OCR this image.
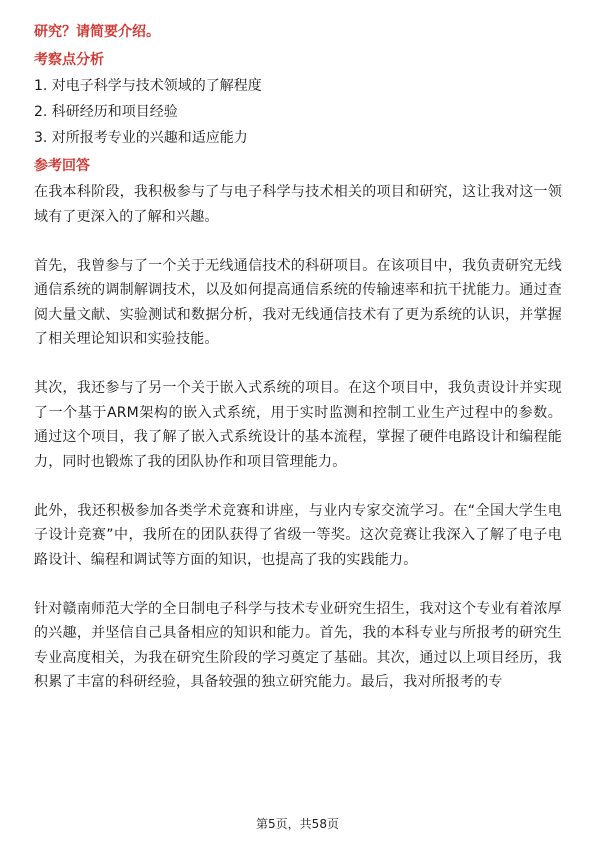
研究？请简要介绍。

考察点分析

1. 对电子科学与技术领域的了解程度

2. 科研经历和项目经验

3. 对所报考专业的兴趣和适应能力

参考回答

在我本科阶段，我积极参与了与电子科学与技术相关的项目和研究，这让我对这一领域有了更深入的了解和兴趣。

首先，我曾参与了一个关于无线通信技术的科研项目。在该项目中，我负责研究无线通信系统的调制解调技术，以及如何提高通信系统的传输速率和抗干扰能力。通过查阅大量文献、实验测试和数据分析，我对无线通信技术有了更为系统的认识，并掌握了相关理论知识和实验技能。

其次，我还参与了另一个关于嵌入式系统的项目。在这个项目中，我负责设计并实现了一个基于ARM架构的嵌入式系统，用于实时监测和控制工业生产过程中的参数。通过这个项目，我了解了嵌入式系统设计的基本流程，掌握了硬件电路设计和编程能力，同时也锻炼了我的团队协作和项目管理能力。

此外，我还积极参加各类学术竞赛和讲座，与业内专家交流学习。在“全国大学生电子设计竞赛”中，我所在的团队获得了省级一等奖。这次竞赛让我深入了解了电子电路设计、编程和调试等方面的知识，也提高了我的实践能力。

针对赣南师范大学的全日制电子科学与技术专业研究生招生，我对这个专业有着浓厚的兴趣，并坚信自己具备相应的知识和能力。首先，我的本科专业与所报考的研究生专业高度相关，为我在研究生阶段的学习奠定了基础。其次，通过以上项目经历，我积累了丰富的科研经验，具备较强的独立研究能力。最后，我对所报考的专

第5页，共58页
